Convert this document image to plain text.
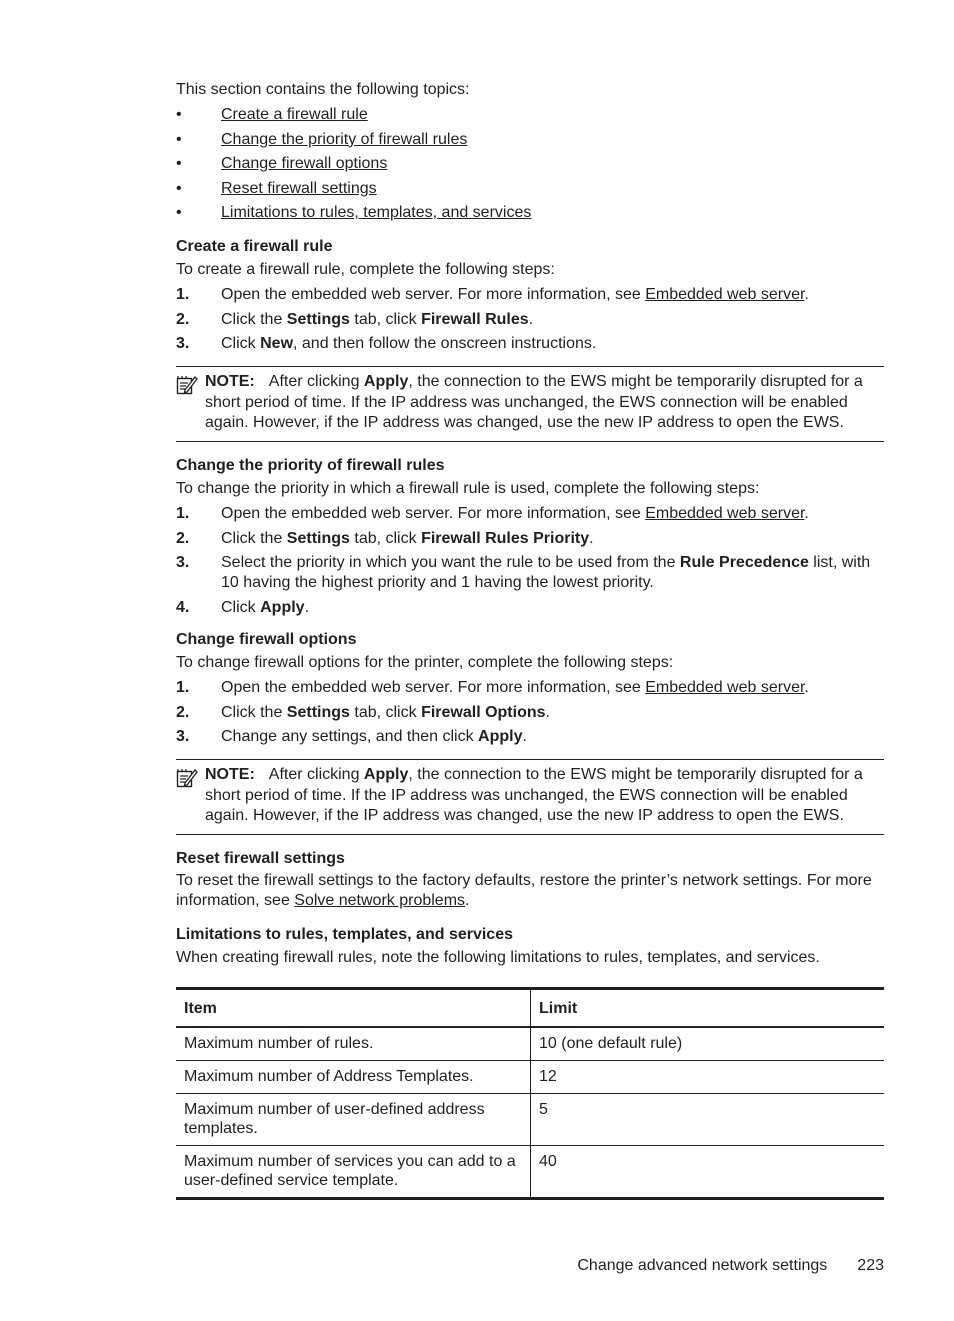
This section contains the following topics:

• Create a firewall rule
• Change the priority of firewall rules
• Change firewall options
• Reset firewall settings
• Limitations to rules, templates, and services
Create a firewall rule

To create a firewall rule, complete the following steps:

1. Open the embedded web server. For more information, see Embedded web server.
2. Click the Settings tab, click Firewall Rules.
3. Click New, and then follow the onscreen instructions.
NOTE: After clicking Apply, the connection to the EWS might be temporarily disrupted for a short period of time. If the IP address was unchanged, the EWS connection will be enabled again. However, if the IP address was changed, use the new IP address to open the EWS.
Change the priority of firewall rules

To change the priority in which a firewall rule is used, complete the following steps:

1. Open the embedded web server. For more information, see Embedded web server.
2. Click the Settings tab, click Firewall Rules Priority.
3. Select the priority in which you want the rule to be used from the Rule Precedence list, with 10 having the highest priority and 1 having the lowest priority.
4. Click Apply.
Change firewall options

To change firewall options for the printer, complete the following steps:

1. Open the embedded web server. For more information, see Embedded web server.
2. Click the Settings tab, click Firewall Options.
3. Change any settings, and then click Apply.
NOTE: After clicking Apply, the connection to the EWS might be temporarily disrupted for a short period of time. If the IP address was unchanged, the EWS connection will be enabled again. However, if the IP address was changed, use the new IP address to open the EWS.
Reset firewall settings

To reset the firewall settings to the factory defaults, restore the printer’s network settings. For more information, see Solve network problems.

Limitations to rules, templates, and services

When creating firewall rules, note the following limitations to rules, templates, and services.

Item	Limit
Maximum number of rules.	10 (one default rule)
Maximum number of Address Templates.	12
Maximum number of user-defined address templates.	5
Maximum number of services you can add to a user-defined service template.	40
Change advanced network settings 223
